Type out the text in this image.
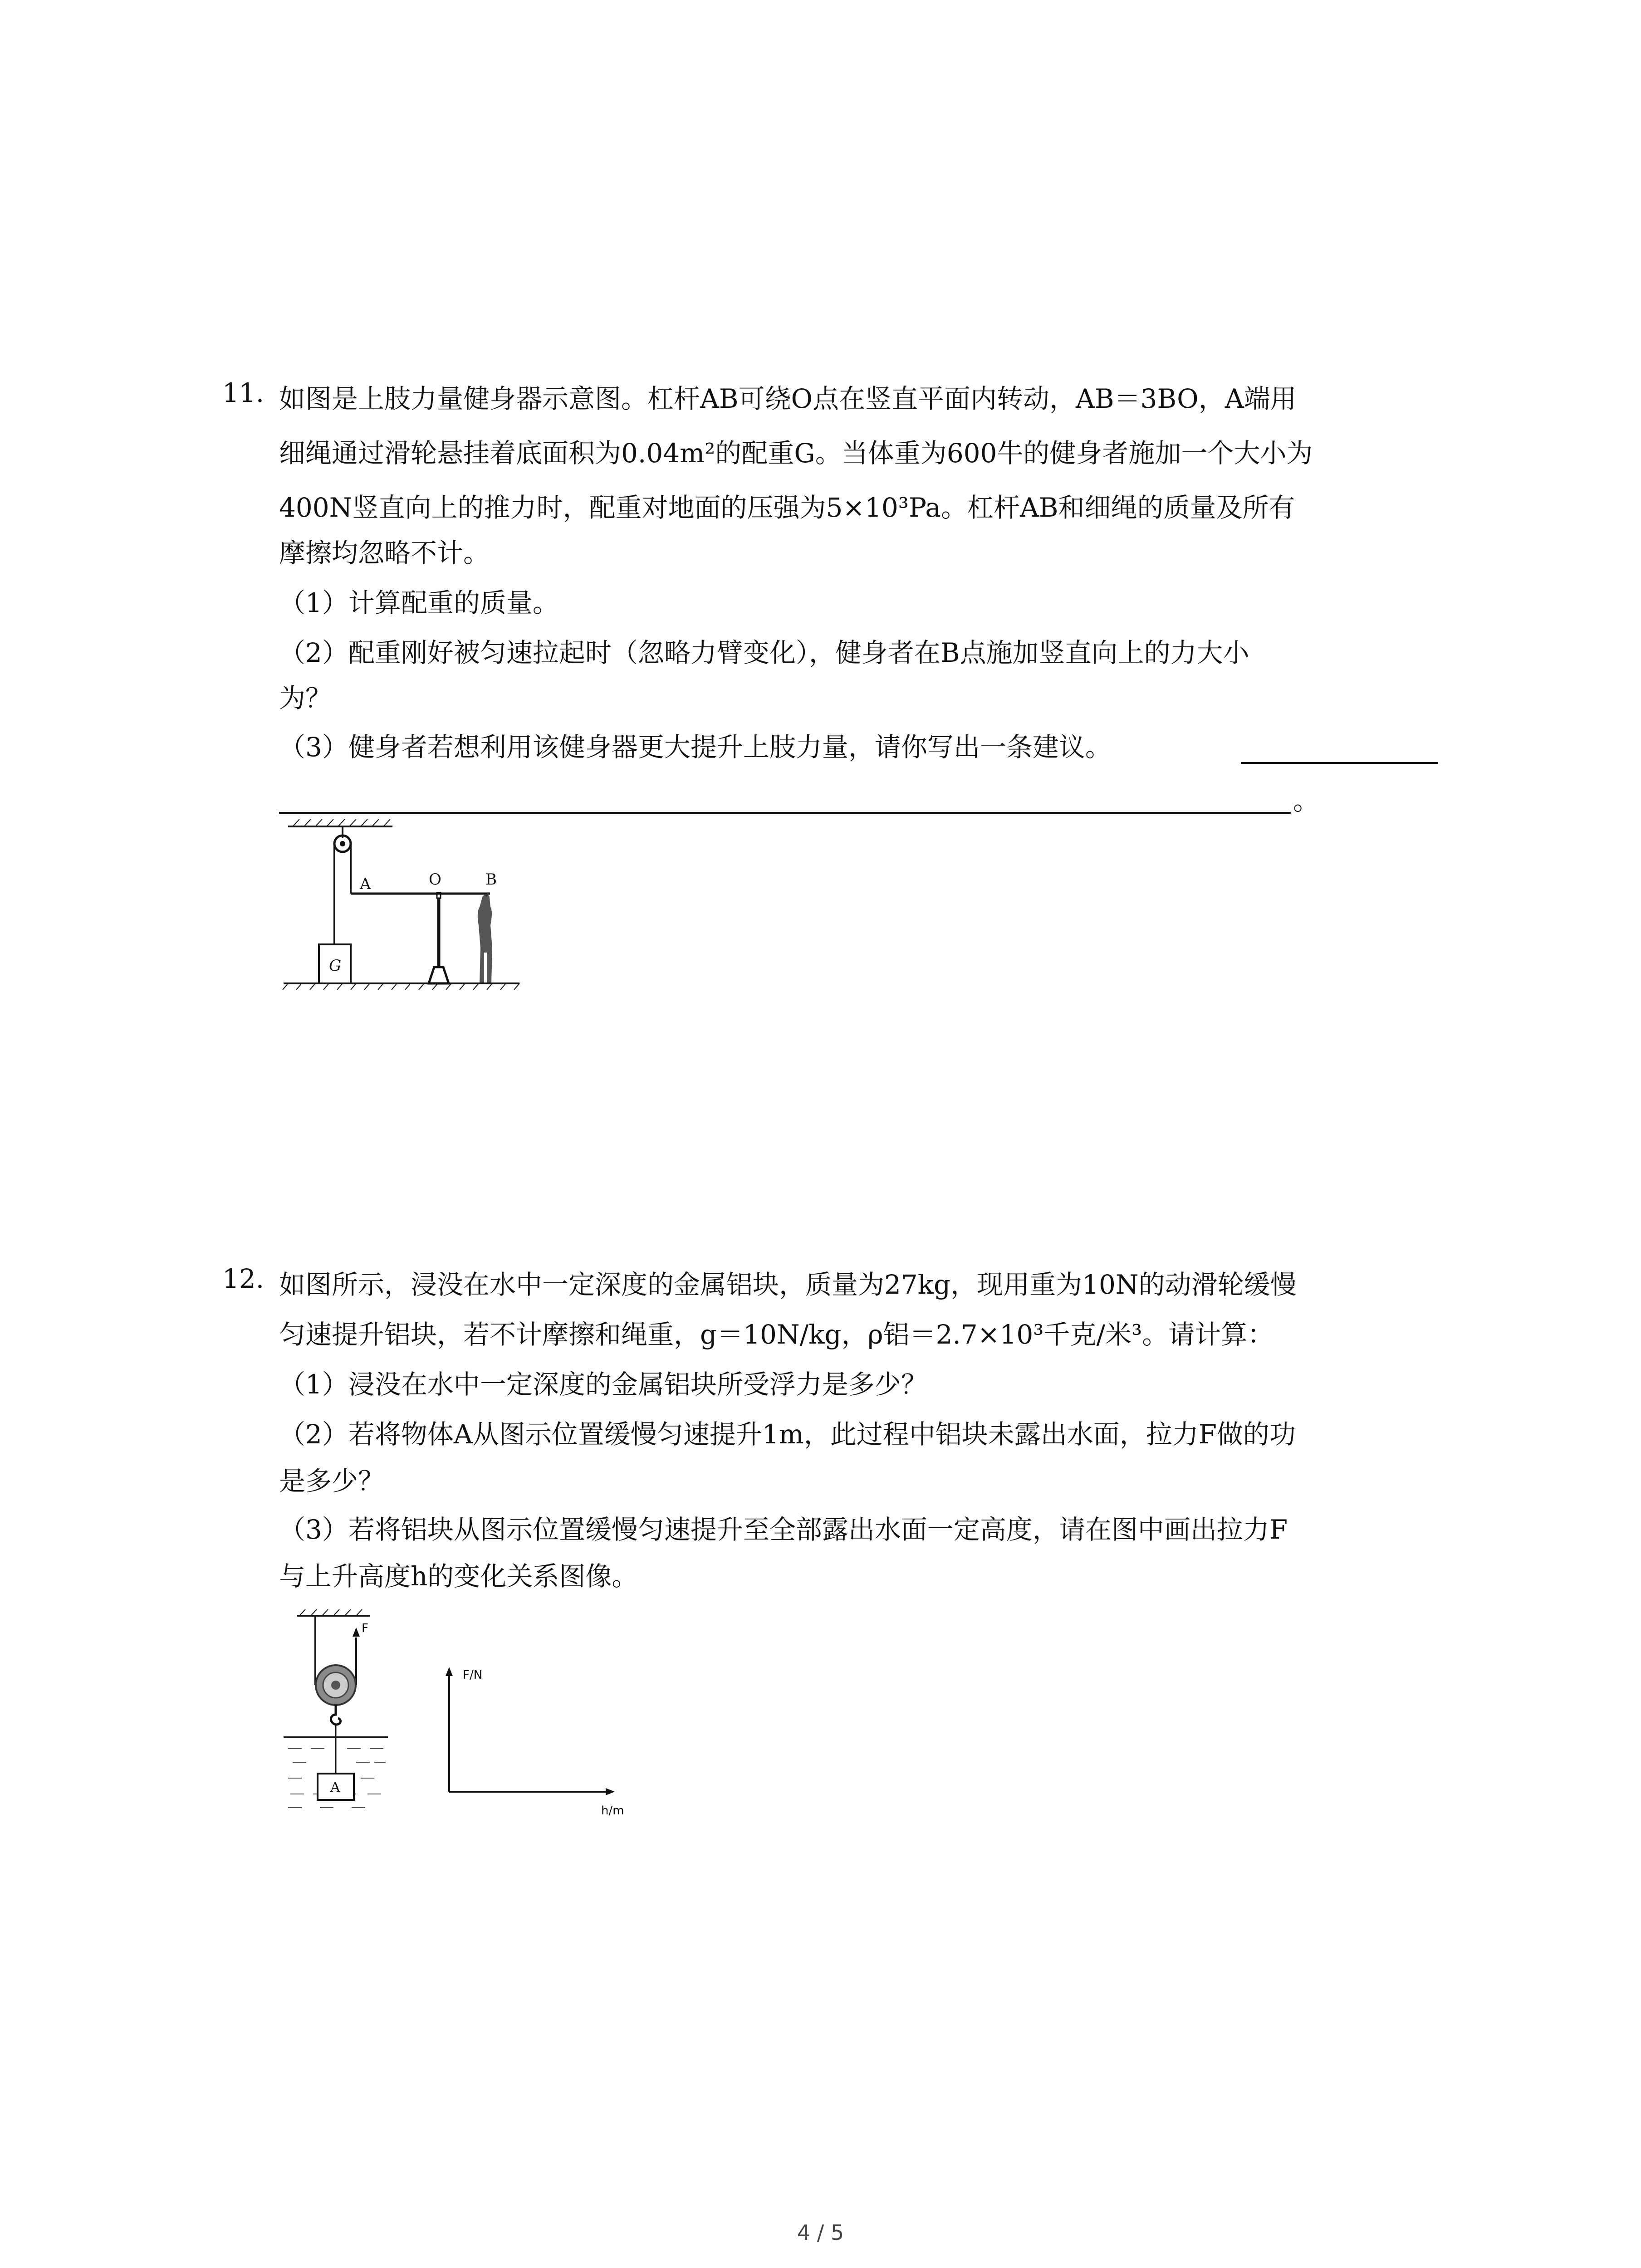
11. 如图是上肢力量健身器示意图。杠杆AB可绕O点在竖直平面内转动，AB＝3BO，A端用
细绳通过滑轮悬挂着底面积为0.04m²的配重G。当体重为600牛的健身者施加一个大小为
400N竖直向上的推力时，配重对地面的压强为5×10³Pa。杠杆AB和细绳的质量及所有
摩擦均忽略不计。
（1）计算配重的质量。
（2）配重刚好被匀速拉起时（忽略力臂变化），健身者在B点施加竖直向上的力大小
为？
（3）健身者若想利用该健身器更大提升上肢力量，请你写出一条建议。
。
A	O	B
G
12. 如图所示，浸没在水中一定深度的金属铝块，质量为27kg，现用重为10N的动滑轮缓慢
匀速提升铝块，若不计摩擦和绳重，g＝10N/kg，ρ铝＝2.7×10³千克/米³。请计算：
（1）浸没在水中一定深度的金属铝块所受浮力是多少？
（2）若将物体A从图示位置缓慢匀速提升1m，此过程中铝块未露出水面，拉力F做的功
是多少？
（3）若将铝块从图示位置缓慢匀速提升至全部露出水面一定高度，请在图中画出拉力F
与上升高度h的变化关系图像。
F
A
F/N
h/m
4 / 5
